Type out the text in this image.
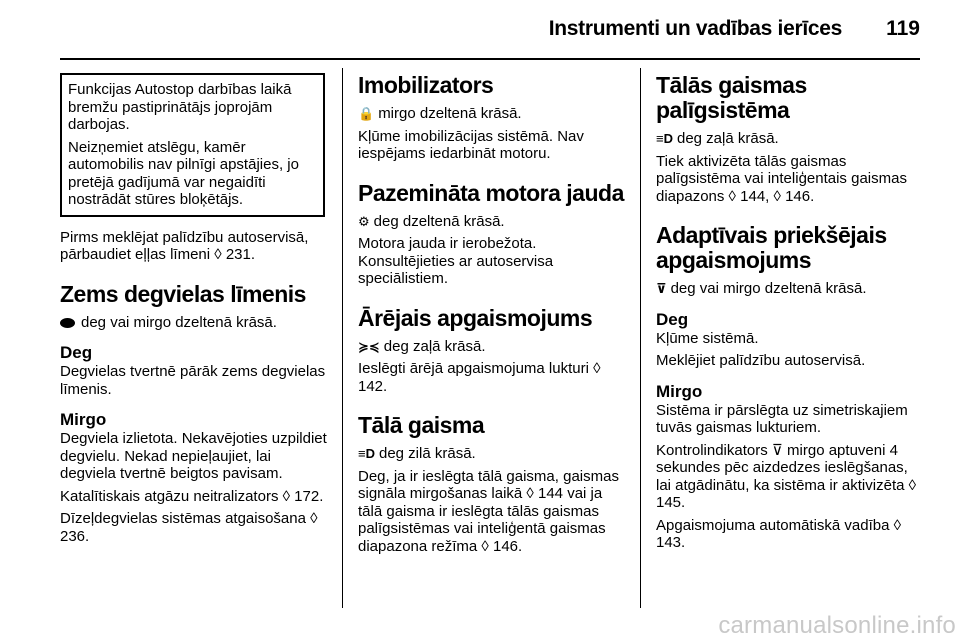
Instrumenti un vadības ierīces 119

Funkcijas Autostop darbības laikā bremžu pastiprinātājs joprojām darbojas.

Neizņemiet atslēgu, kamēr automobilis nav pilnīgi apstājies, jo pretējā gadījumā var negaidīti nostrādāt stūres bloķētājs.

Pirms meklējat palīdzību autoservisā, pārbaudiet eļļas līmeni ◊ 231.

Zems degvielas līmenis

deg vai mirgo dzeltenā krāsā.

Deg

Degvielas tvertnē pārāk zems degvielas līmenis.

Mirgo

Degviela izlietota. Nekavējoties uzpildiet degvielu. Nekad nepieļaujiet, lai degviela tvertnē beigtos pavisam.

Katalītiskais atgāzu neitralizators ◊ 172.

Dīzeļdegvielas sistēmas atgaisošana ◊ 236.

Imobilizators

🔒 mirgo dzeltenā krāsā.

Kļūme imobilizācijas sistēmā. Nav iespējams iedarbināt motoru.

Pazemināta motora jauda

⚙ deg dzeltenā krāsā.

Motora jauda ir ierobežota. Konsultējieties ar autoservisa speciālistiem.

Ārējais apgaismojums

≽≼ deg zaļā krāsā.

Ieslēgti ārējā apgaismojuma lukturi ◊ 142.

Tālā gaisma

≡D deg zilā krāsā.

Deg, ja ir ieslēgta tālā gaisma, gaismas signāla mirgošanas laikā ◊ 144 vai ja tālā gaisma ir ieslēgta tālās gaismas palīgsistēmas vai inteliģentā gaismas diapazona režīma ◊ 146.

Tālās gaismas palīgsistēma

≡D deg zaļā krāsā.

Tiek aktivizēta tālās gaismas palīgsistēma vai inteliģentais gaismas diapazons ◊ 144, ◊ 146.

Adaptīvais priekšējais apgaismojums

⊽ deg vai mirgo dzeltenā krāsā.

Deg

Kļūme sistēmā.

Meklējiet palīdzību autoservisā.

Mirgo

Sistēma ir pārslēgta uz simetriskajiem tuvās gaismas lukturiem.

Kontrolindikators ⊽ mirgo aptuveni 4 sekundes pēc aizdedzes ieslēgšanas, lai atgādinātu, ka sistēma ir aktivizēta ◊ 145.

Apgaismojuma automātiskā vadība ◊ 143.

carmanualsonline.info
